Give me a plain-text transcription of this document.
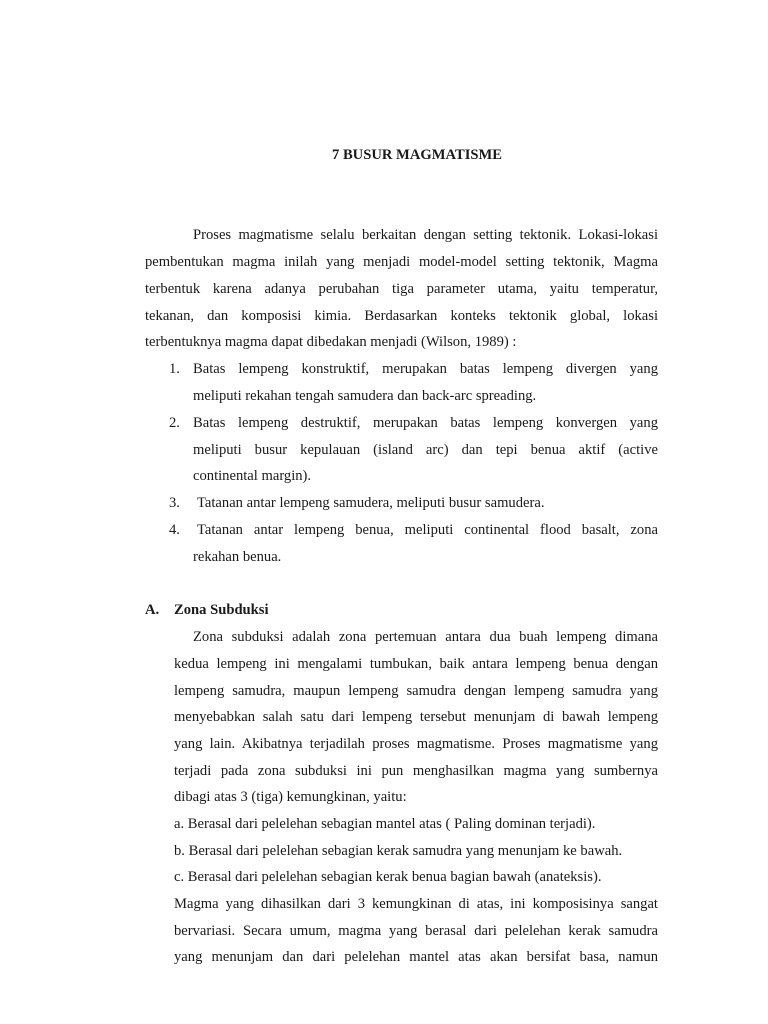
7 BUSUR MAGMATISME
Proses magmatisme selalu berkaitan dengan setting tektonik. Lokasi-lokasi
pembentukan magma inilah yang menjadi model-model setting tektonik, Magma
terbentuk karena adanya perubahan tiga parameter utama, yaitu temperatur,
tekanan, dan komposisi kimia. Berdasarkan konteks tektonik global, lokasi
terbentuknya magma dapat dibedakan menjadi (Wilson, 1989) :
1. Batas lempeng konstruktif, merupakan batas lempeng divergen yang
meliputi rekahan tengah samudera dan back-arc spreading.
2. Batas lempeng destruktif, merupakan batas lempeng konvergen yang
meliputi busur kepulauan (island arc) dan tepi benua aktif (active
continental margin).
3. Tatanan antar lempeng samudera, meliputi busur samudera.
4. Tatanan antar lempeng benua, meliputi continental flood basalt, zona
rekahan benua.
A. Zona Subduksi
Zona subduksi adalah zona pertemuan antara dua buah lempeng dimana
kedua lempeng ini mengalami tumbukan, baik antara lempeng benua dengan
lempeng samudra, maupun lempeng samudra dengan lempeng samudra yang
menyebabkan salah satu dari lempeng tersebut menunjam di bawah lempeng
yang lain. Akibatnya terjadilah proses magmatisme. Proses magmatisme yang
terjadi pada zona subduksi ini pun menghasilkan magma yang sumbernya
dibagi atas 3 (tiga) kemungkinan, yaitu:
a. Berasal dari pelelehan sebagian mantel atas ( Paling dominan terjadi).
b. Berasal dari pelelehan sebagian kerak samudra yang menunjam ke bawah.
c. Berasal dari pelelehan sebagian kerak benua bagian bawah (anateksis).
Magma yang dihasilkan dari 3 kemungkinan di atas, ini komposisinya sangat
bervariasi. Secara umum, magma yang berasal dari pelelehan kerak samudra
yang menunjam dan dari pelelehan mantel atas akan bersifat basa, namun
